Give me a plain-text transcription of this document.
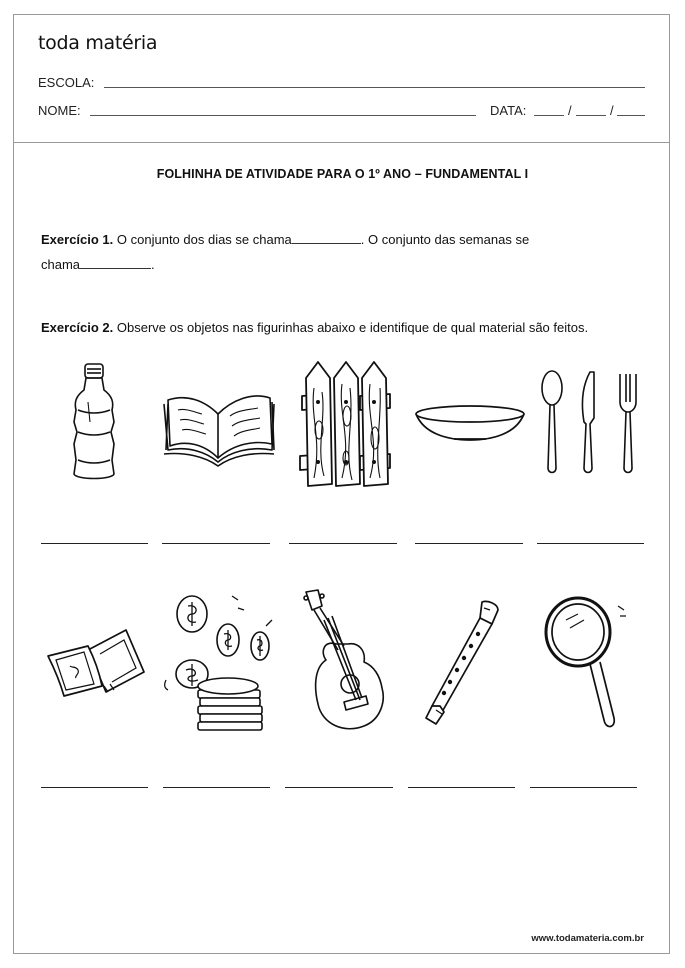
toda matéria
ESCOLA:
NOME:	DATA:	/	/
FOLHINHA DE ATIVIDADE PARA O 1º ANO – FUNDAMENTAL I
Exercício 1. O conjunto dos dias se chama	. O conjunto das semanas se
chama	.
Exercício 2. Observe os objetos nas figurinhas abaixo e identifique de qual material são feitos.
www.todamateria.com.br
